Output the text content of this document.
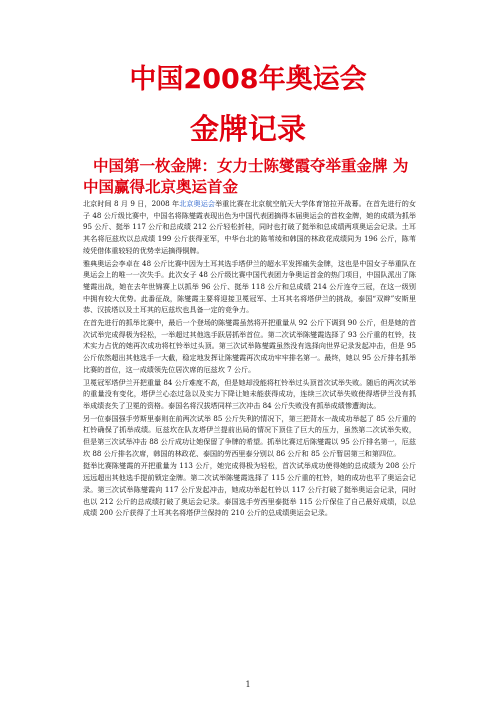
中国2008年奥运会
金牌记录
中国第一枚金牌：女力士陈燮霞夺举重金牌 为中国赢得北京奥运首金

北京时间 8 月 9 日，2008 年北京奥运会举重比赛在北京航空航天大学体育馆拉开战幕。在首先进行的女子 48 公斤级比赛中，中国名将陈燮霞表现出色为中国代表团摘得本届奥运会的首枚金牌，她的成绩为抓举 95 公斤、挺举 117 公斤和总成绩 212 公斤轻松折桂，同时也打破了挺举和总成绩两项奥运会记录。土耳其名将厄兹坎以总成绩 199 公斤获得亚军，中华台北的陈苇绫和韩国的林政花成绩同为 196 公斤，陈苇绫凭借体重较轻的优势幸运摘得铜牌。

雅典奥运会李卓在 48 公斤比赛中因为土耳其选手塔伊兰的超水平发挥痛失金牌，这也是中国女子举重队在奥运会上的唯一一次失手。此次女子 48 公斤级比赛中国代表团力争奥运首金的热门项目，中国队派出了陈燮霞出战，她在去年世锦赛上以抓举 96 公斤、挺举 118 公斤和总成绩 214 公斤连夺三冠，在这一级别中拥有较大优势。此番征战，陈燮霞主要将迎接卫冕冠军、土耳其名将塔伊兰的挑战，泰国“双辫”安斯里恭、汉拔塔以及土耳其的厄兹坎也具备一定的竞争力。

在首先进行的抓举比赛中，最后一个登场的陈燮霞虽然将开把重量从 92 公斤下调到 90 公斤，但是她的首次试举完成得极为轻松，一举超过其他选手跃居抓举首位。第二次试举陈燮霞选择了 93 公斤重的杠铃，技术实力占优的她再次成功将杠铃举过头顶。第三次试举陈燮霞虽然没有选择向世界记录发起冲击，但是 95 公斤依然超出其他选手一大截，稳定地发挥让陈燮霞再次成功牢牢排名第一。最终，她以 95 公斤排名抓举比赛的首位，这一成绩领先位居次席的厄兹坎 7 公斤。

卫冕冠军塔伊兰开把重量 84 公斤难度不高，但是她却没能将杠铃举过头顶首次试举失败。随后的两次试举的重量没有变化，塔伊兰心态过急以及实力下降让她未能获得成功，连续三次试举失败使得塔伊兰没有抓举成绩丧失了卫冕的资格。泰国名将汉拔塔同样三次冲击 84 公斤失败没有抓举成绩惨遭淘汰。

另一位泰国强手劳斯里泰则在前两次试举 85 公斤失利的情况下，第三把背水一战成功举起了 85 公斤重的杠铃确保了抓举成绩。厄兹坎在队友塔伊兰提前出局的情况下顶住了巨大的压力，虽然第二次试举失败，但是第三次试举冲击 88 公斤成功让她保留了争牌的希望。抓举比赛过后陈燮霞以 95 公斤排名第一，厄兹坎 88 公斤排名次席，韩国的林政花、泰国的劳西里泰分别以 86 公斤和 85 公斤暂居第三和第四位。

挺举比赛陈燮霞的开把重量为 113 公斤，她完成得极为轻松，首次试举成功使得她的总成绩为 208 公斤远远超出其他选手提前锁定金牌。第二次试举陈燮霞选择了 115 公斤重的杠铃，她的成功也平了奥运会记录。第三次试举陈燮霞向 117 公斤发起冲击，她成功举起杠铃以 117 公斤打破了挺举奥运会记录，同时也以 212 公斤的总成绩打破了奥运会记录。泰国选手劳西里泰挺举 115 公斤保住了自己最好成绩，以总成绩 200 公斤获得了土耳其名将塔伊兰保持的 210 公斤的总成绩奥运会记录。

1
